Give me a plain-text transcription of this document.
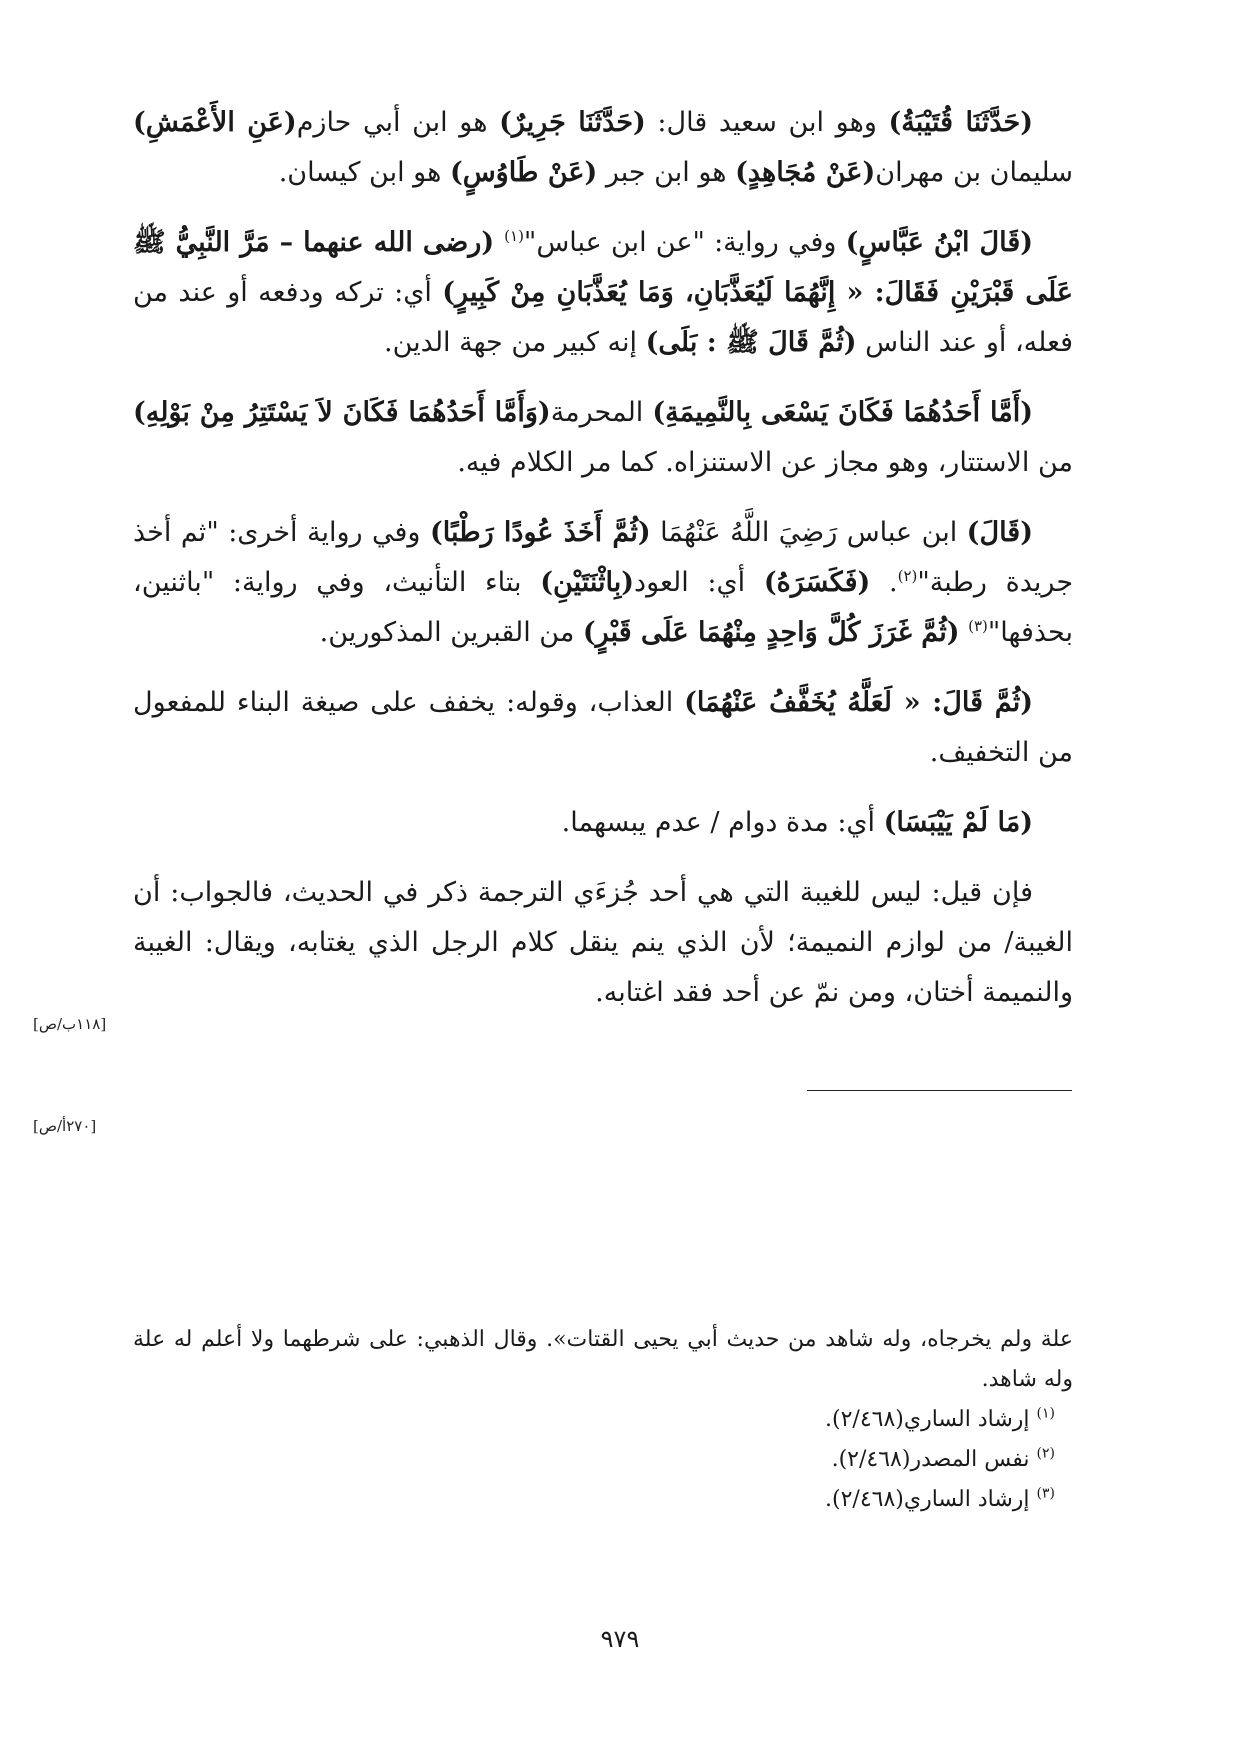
(حَدَّثَنَا قُتَيْبَةُ) وهو ابن سعيد قال: (حَدَّثَنَا جَرِيرٌ) هو ابن أبي حازم(عَنِ الأَعْمَشِ) سليمان بن مهران(عَنْ مُجَاهِدٍ) هو ابن جبر (عَنْ طَاوُسٍ) هو ابن كيسان.

(قَالَ ابْنُ عَبَّاسٍ) وفي رواية: "عن ابن عباس"$^{(١)}$ (رضى الله عنهما – مَرَّ النَّبِيُّ ﷺ عَلَى قَبْرَيْنِ فَقَالَ: « إِنَّهُمَا لَيُعَذَّبَانِ، وَمَا يُعَذَّبَانِ مِنْ كَبِيرٍ) أي: تركه ودفعه أو عند من فعله، أو عند الناس (ثُمَّ قَالَ ﷺ : بَلَى) إنه كبير من جهة الدين.

(أَمَّا أَحَدُهُمَا فَكَانَ يَسْعَى بِالنَّمِيمَةِ) المحرمة(وَأَمَّا أَحَدُهُمَا فَكَانَ لاَ يَسْتَتِرُ مِنْ بَوْلِهِ) من الاستتار، وهو مجاز عن الاستنزاه. كما مر الكلام فيه.

(قَالَ) ابن عباس رَضِيَ اللَّهُ عَنْهُمَا (ثُمَّ أَخَذَ عُودًا رَطْبًا) وفي رواية أخرى: "ثم أخذ جريدة رطبة"$^{(٢)}$. (فَكَسَرَهُ) أي: العود(بِاثْنَتَيْنِ) بتاء التأنيث، وفي رواية: "باثنين، بحذفها"$^{(٣)}$ (ثُمَّ غَرَزَ كُلَّ وَاحِدٍ مِنْهُمَا عَلَى قَبْرٍ) من القبرين المذكورين.

(ثُمَّ قَالَ: « لَعَلَّهُ يُخَفَّفُ عَنْهُمَا) العذاب، وقوله: يخفف على صيغة البناء للمفعول من التخفيف.

(مَا لَمْ يَيْبَسَا) أي: مدة دوام / عدم يبسهما.

فإن قيل: ليس للغيبة التي هي أحد جُزءَي الترجمة ذكر في الحديث، فالجواب: أن الغيبة/ من لوازم النميمة؛ لأن الذي ينم ينقل كلام الرجل الذي يغتابه، ويقال: الغيبة والنميمة أختان، ومن نمّ عن أحد فقد اغتابه.

[١١٨ب/ص]
[٢٧٠أ/ص]

علة ولم يخرجاه، وله شاهد من حديث أبي يحيى القتات». وقال الذهبي: على شرطهما ولا أعلم له علة وله شاهد.

$^{(١)}$ إرشاد الساري(٢/٤٦٨).

$^{(٢)}$ نفس المصدر(٢/٤٦٨).

$^{(٣)}$ إرشاد الساري(٢/٤٦٨).

٩٧٩
